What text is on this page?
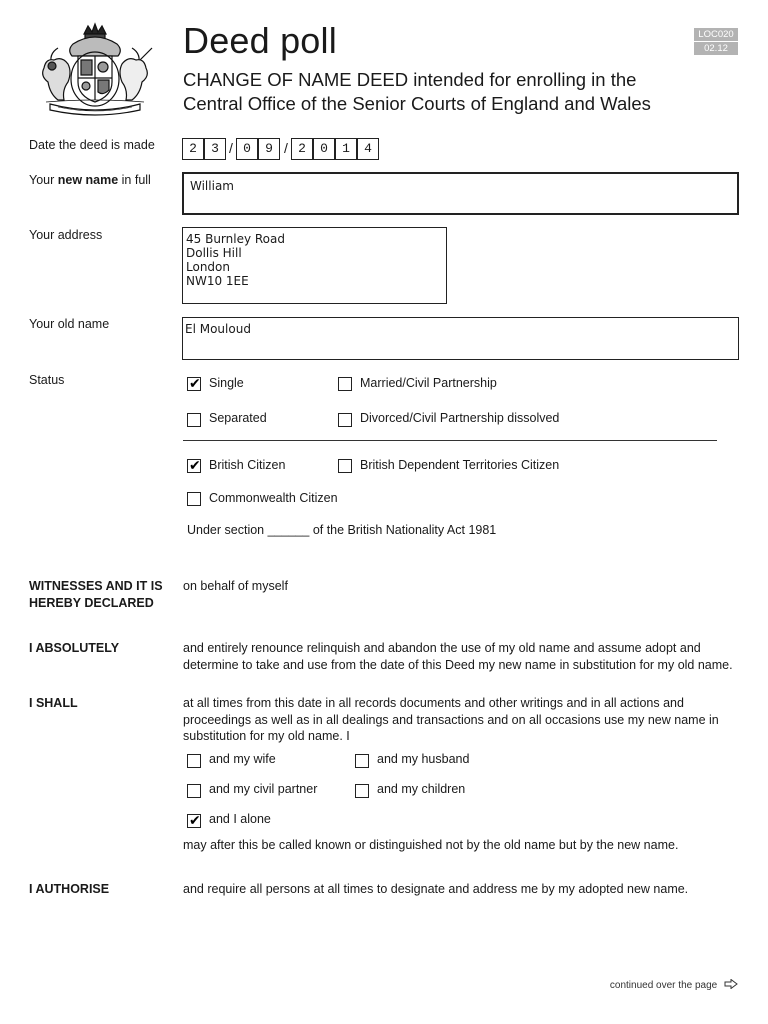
Deed poll
CHANGE OF NAME DEED intended for enrolling in the
Central Office of the Senior Courts of England and Wales
LOC020
02.12
Date the deed is made	2	3 / 0	9 / 2	0	1	4
Your new name in full	William
Your address	45 Burnley Road
Dollis Hill
London
NW10 1EE
Your old name	El Mouloud
Status
✔	Single	Married/Civil Partnership
Separated	Divorced/Civil Partnership dissolved
✔
British Citizen	British Dependent Territories Citizen
Commonwealth Citizen
Under section ______ of the British Nationality Act 1981
WITNESSES AND IT IS HEREBY DECLARED
on behalf of myself
I ABSOLUTELY	and entirely renounce relinquish and abandon the use of my old name and assume adopt and
determine to take and use from the date of this Deed my new name in substitution for my old name.
I SHALL	at all times from this date in all records documents and other writings and in all actions and
proceedings as well as in all dealings and transactions and on all occasions use my new name in
substitution for my old name. I
and my wife	and my husband
and my civil partner	and my children
✔
and I alone
may after this be called known or distinguished not by the old name but by the new name.
I AUTHORISE	and require all persons at all times to designate and address me by my adopted new name.
continued over the page
